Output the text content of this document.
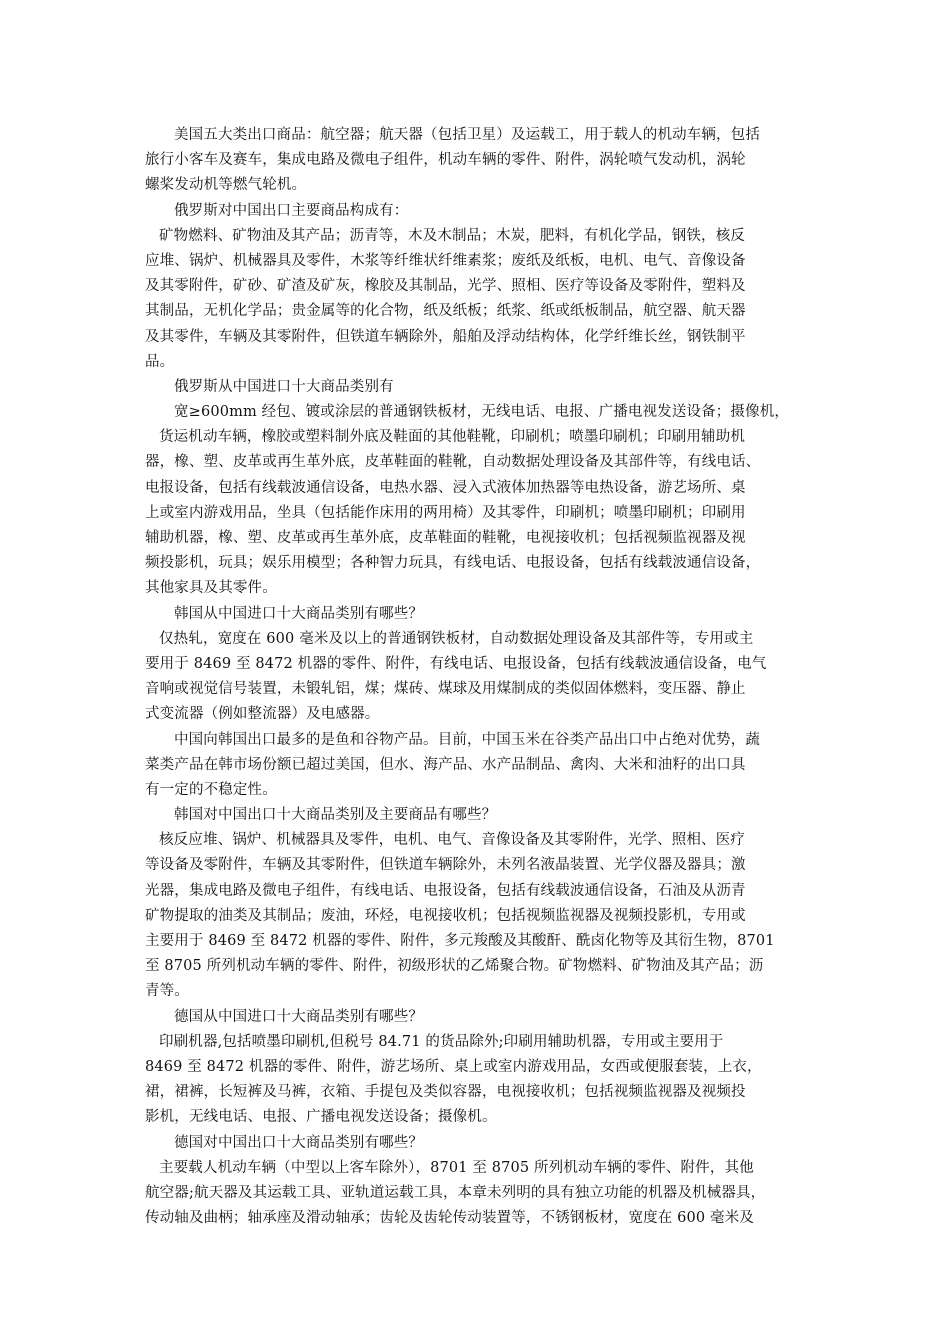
美国五大类出口商品：航空器；航天器（包括卫星）及运载工，用于载人的机动车辆，包括
旅行小客车及赛车，集成电路及微电子组件，机动车辆的零件、附件，涡轮喷气发动机，涡轮
螺桨发动机等燃气轮机。
俄罗斯对中国出口主要商品构成有：
矿物燃料、矿物油及其产品；沥青等，木及木制品；木炭，肥料，有机化学品，钢铁，核反
应堆、锅炉、机械器具及零件，木浆等纤维状纤维素浆；废纸及纸板，电机、电气、音像设备
及其零附件，矿砂、矿渣及矿灰，橡胶及其制品，光学、照相、医疗等设备及零附件，塑料及
其制品，无机化学品；贵金属等的化合物，纸及纸板；纸浆、纸或纸板制品，航空器、航天器
及其零件，车辆及其零附件，但铁道车辆除外，船舶及浮动结构体，化学纤维长丝，钢铁制平
品。
俄罗斯从中国进口十大商品类别有
宽≥600mm 经包、镀或涂层的普通钢铁板材，无线电话、电报、广播电视发送设备；摄像机，
货运机动车辆，橡胶或塑料制外底及鞋面的其他鞋靴，印刷机；喷墨印刷机；印刷用辅助机
器，橡、塑、皮革或再生革外底，皮革鞋面的鞋靴，自动数据处理设备及其部件等，有线电话、
电报设备，包括有线载波通信设备，电热水器、浸入式液体加热器等电热设备，游艺场所、桌
上或室内游戏用品，坐具（包括能作床用的两用椅）及其零件，印刷机；喷墨印刷机；印刷用
辅助机器，橡、塑、皮革或再生革外底，皮革鞋面的鞋靴，电视接收机；包括视频监视器及视
频投影机，玩具；娱乐用模型；各种智力玩具，有线电话、电报设备，包括有线载波通信设备，
其他家具及其零件。
韩国从中国进口十大商品类别有哪些？
仅热轧，宽度在 600 毫米及以上的普通钢铁板材，自动数据处理设备及其部件等，专用或主
要用于 8469 至 8472 机器的零件、附件，有线电话、电报设备，包括有线载波通信设备，电气
音响或视觉信号装置，未锻轧铝，煤；煤砖、煤球及用煤制成的类似固体燃料，变压器、静止
式变流器（例如整流器）及电感器。
中国向韩国出口最多的是鱼和谷物产品。目前，中国玉米在谷类产品出口中占绝对优势，蔬
菜类产品在韩市场份额已超过美国，但水、海产品、水产品制品、禽肉、大米和油籽的出口具
有一定的不稳定性。
韩国对中国出口十大商品类别及主要商品有哪些？
核反应堆、锅炉、机械器具及零件，电机、电气、音像设备及其零附件，光学、照相、医疗
等设备及零附件，车辆及其零附件，但铁道车辆除外，未列名液晶装置、光学仪器及器具；激
光器，集成电路及微电子组件，有线电话、电报设备，包括有线载波通信设备，石油及从沥青
矿物提取的油类及其制品；废油，环烃，电视接收机；包括视频监视器及视频投影机，专用或
主要用于 8469 至 8472 机器的零件、附件，多元羧酸及其酸酐、酰卤化物等及其衍生物，8701
至 8705 所列机动车辆的零件、附件，初级形状的乙烯聚合物。矿物燃料、矿物油及其产品；沥
青等。
德国从中国进口十大商品类别有哪些？
印刷机器,包括喷墨印刷机,但税号 84.71 的货品除外;印刷用辅助机器，专用或主要用于
8469 至 8472 机器的零件、附件，游艺场所、桌上或室内游戏用品，女西或便服套装，上衣，
裙，裙裤，长短裤及马裤，衣箱、手提包及类似容器，电视接收机；包括视频监视器及视频投
影机，无线电话、电报、广播电视发送设备；摄像机。
德国对中国出口十大商品类别有哪些？
主要载人机动车辆（中型以上客车除外），8701 至 8705 所列机动车辆的零件、附件，其他
航空器;航天器及其运载工具、亚轨道运载工具，本章未列明的具有独立功能的机器及机械器具，
传动轴及曲柄；轴承座及滑动轴承；齿轮及齿轮传动装置等，不锈钢板材，宽度在 600 毫米及
